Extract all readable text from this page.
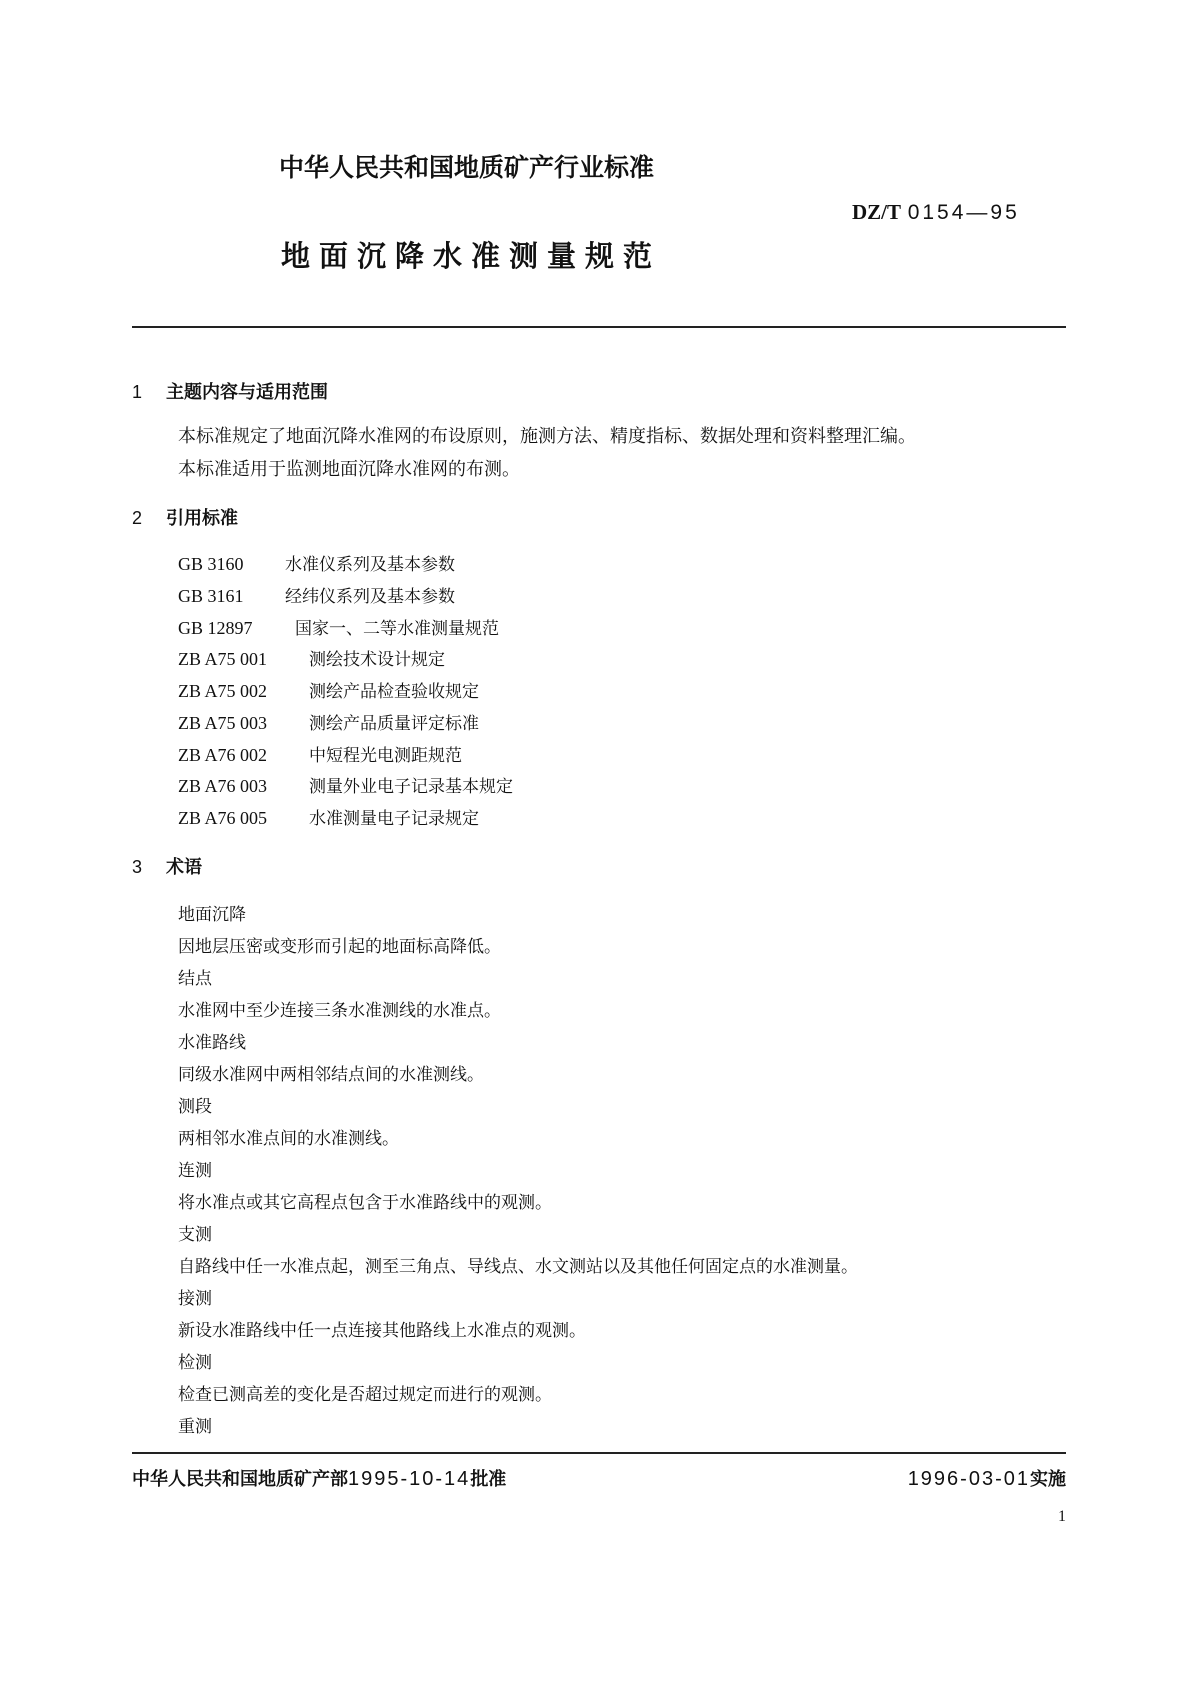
中华人民共和国地质矿产行业标准
DZ/T 0154—95
地面沉降水准测量规范
1 主题内容与适用范围
本标准规定了地面沉降水准网的布设原则，施测方法、精度指标、数据处理和资料整理汇编。
本标准适用于监测地面沉降水准网的布测。
2 引用标准
GB 3160 水准仪系列及基本参数
GB 3161 经纬仪系列及基本参数
GB 12897 国家一、二等水准测量规范
ZB A75 001 测绘技术设计规定
ZB A75 002 测绘产品检查验收规定
ZB A75 003 测绘产品质量评定标准
ZB A76 002 中短程光电测距规范
ZB A76 003 测量外业电子记录基本规定
ZB A76 005 水准测量电子记录规定
3 术语
地面沉降
因地层压密或变形而引起的地面标高降低。
结点
水准网中至少连接三条水准测线的水准点。
水准路线
同级水准网中两相邻结点间的水准测线。
测段
两相邻水准点间的水准测线。
连测
将水准点或其它高程点包含于水准路线中的观测。
支测
自路线中任一水准点起，测至三角点、导线点、水文测站以及其他任何固定点的水准测量。
接测
新设水准路线中任一点连接其他路线上水准点的观测。
检测
检查已测高差的变化是否超过规定而进行的观测。
重测
中华人民共和国地质矿产部1995-10-14批准	1996-03-01实施
1
